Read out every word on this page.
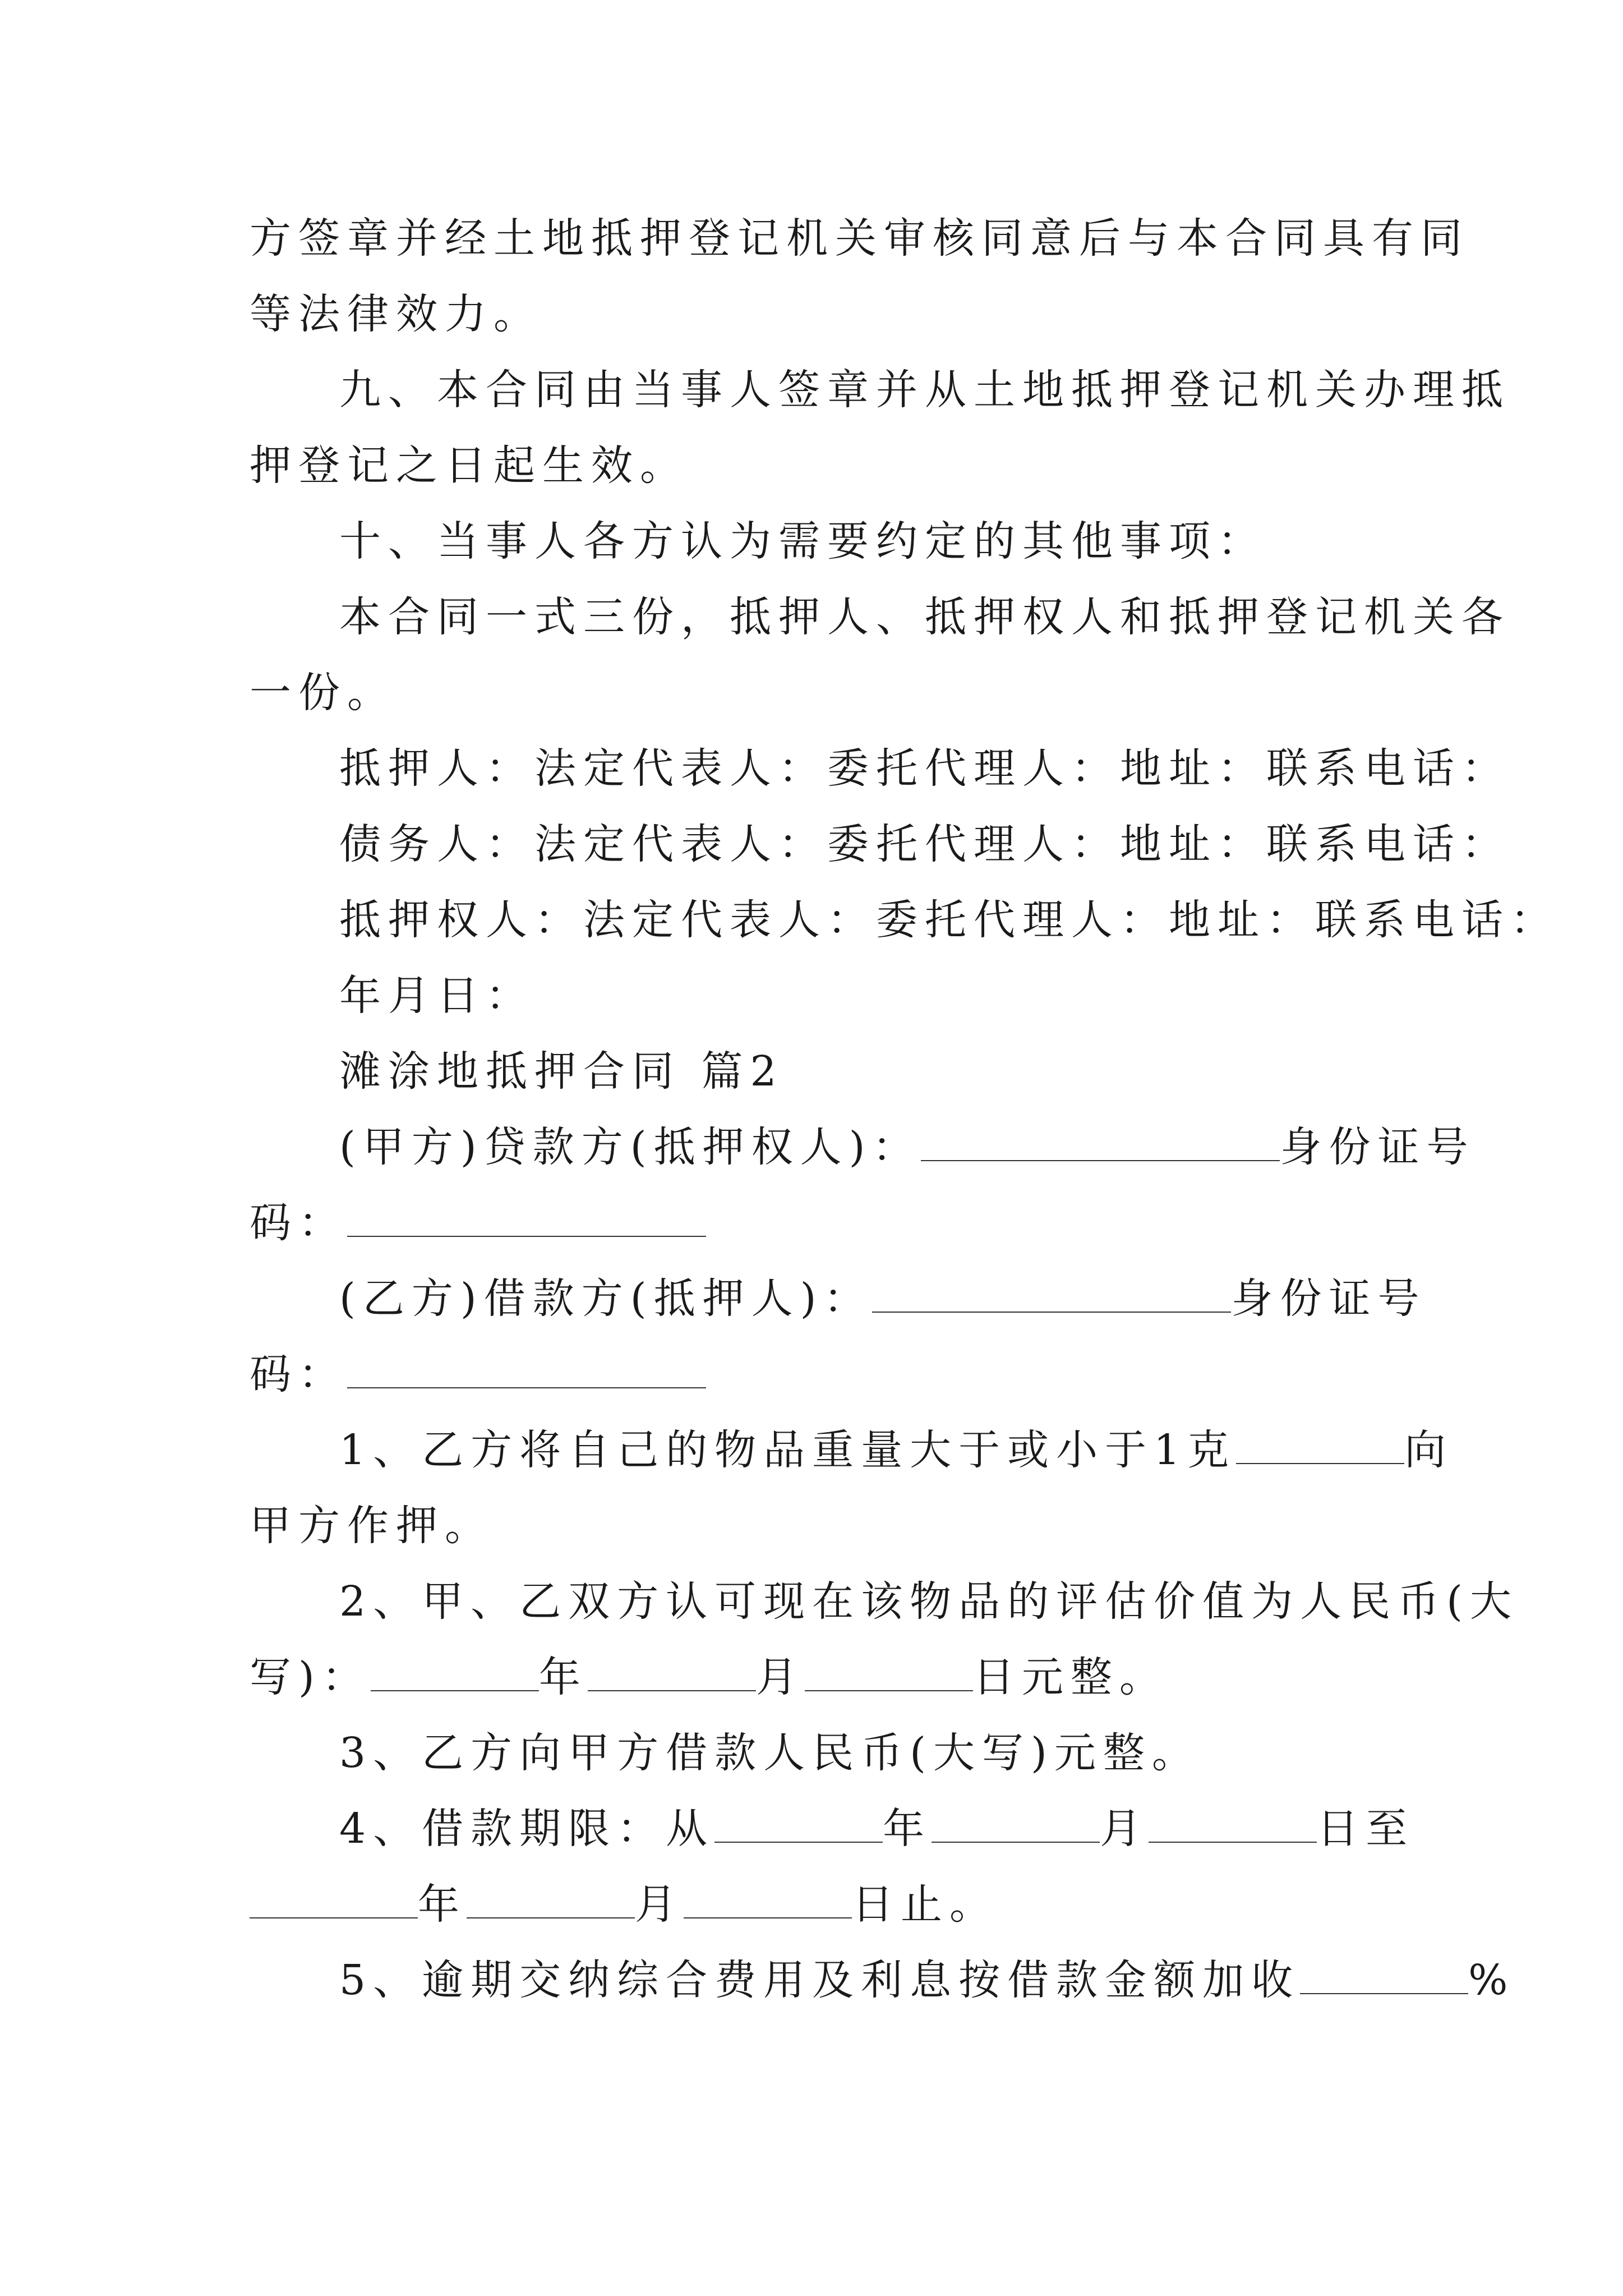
方签章并经土地抵押登记机关审核同意后与本合同具有同
等法律效力。
九、本合同由当事人签章并从土地抵押登记机关办理抵
押登记之日起生效。
十、当事人各方认为需要约定的其他事项：
本合同一式三份，抵押人、抵押权人和抵押登记机关各
一份。
抵押人：法定代表人：委托代理人：地址：联系电话：
债务人：法定代表人：委托代理人：地址：联系电话：
抵押权人：法定代表人：委托代理人：地址：联系电话：
年月日：
滩涂地抵押合同 篇2
(甲方)贷款方(抵押权人)：	身份证号
码：
(乙方)借款方(抵押人)：	身份证号
码：
1、乙方将自己的物品重量大于或小于1克	向
甲方作押。
2、甲、乙双方认可现在该物品的评估价值为人民币(大
写)：	年	月	日元整。
3、乙方向甲方借款人民币(大写)元整。
4、借款期限：从	年	月	日至
年	月	日止。
5、逾期交纳综合费用及利息按借款金额加收	%
